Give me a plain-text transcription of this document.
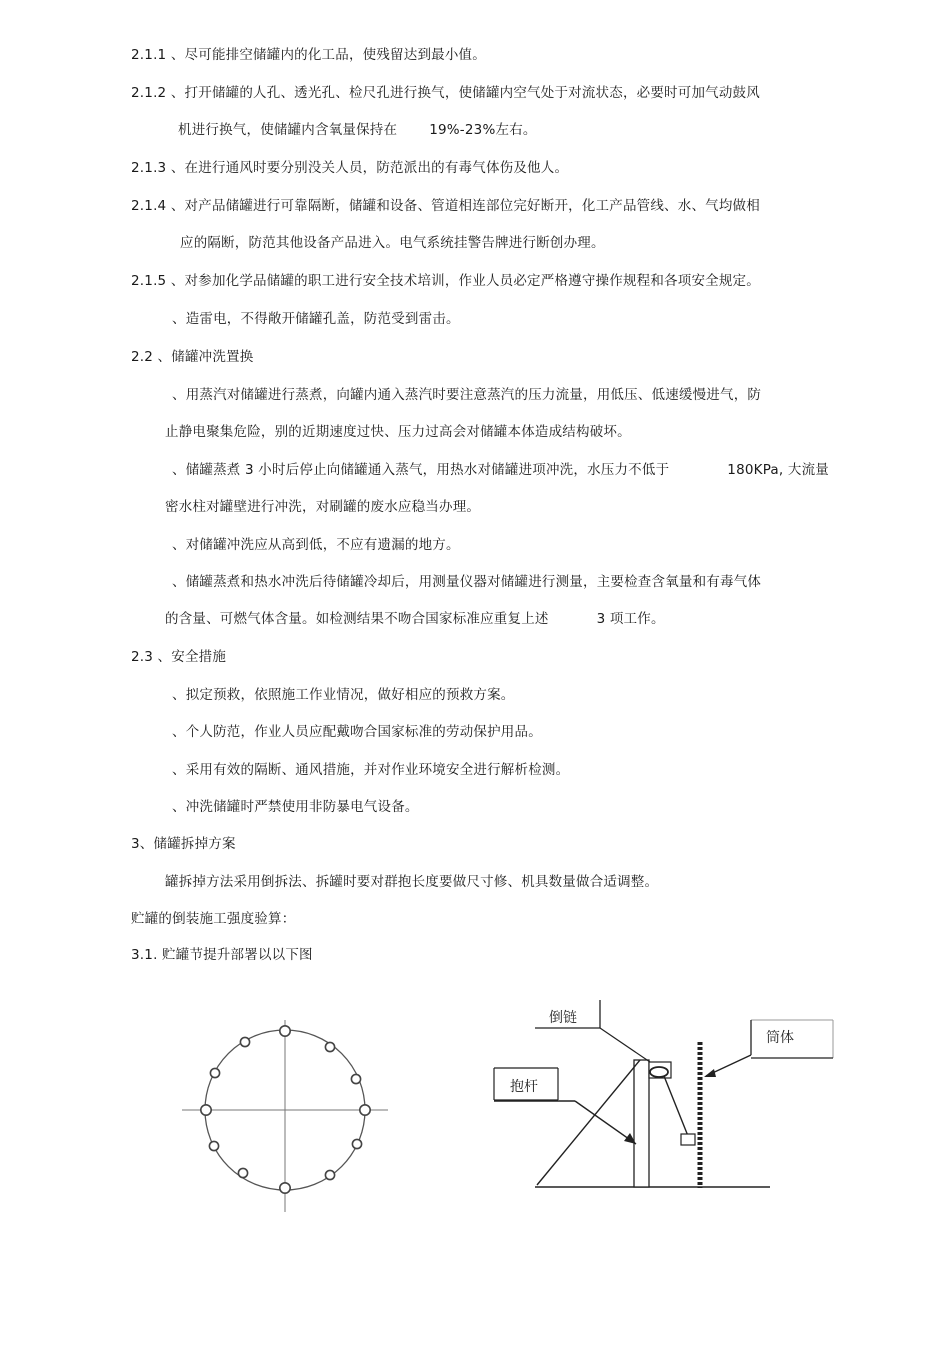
2.1.1 、尽可能排空储罐内的化工品，使残留达到最小值。
2.1.2 、打开储罐的人孔、透光孔、检尺孔进行换气，使储罐内空气处于对流状态，必要时可加气动鼓风
机进行换气，使储罐内含氧量保持在 19%-23%左右。
2.1.3 、在进行通风时要分别没关人员，防范派出的有毒气体伤及他人。
2.1.4 、对产品储罐进行可靠隔断，储罐和设备、管道相连部位完好断开，化工产品管线、水、气均做相
应的隔断，防范其他设备产品进入。电气系统挂警告牌进行断创办理。
2.1.5 、对参加化学品储罐的职工进行安全技术培训，作业人员必定严格遵守操作规程和各项安全规定。
、造雷电，不得敞开储罐孔盖，防范受到雷击。
2.2 、储罐冲洗置换
、用蒸汽对储罐进行蒸煮，向罐内通入蒸汽时要注意蒸汽的压力流量，用低压、低速缓慢进气，防
止静电聚集危险，别的近期速度过快、压力过高会对储罐本体造成结构破坏。
、储罐蒸煮 3 小时后停止向储罐通入蒸气，用热水对储罐进项冲洗，水压力不低于	180KPa, 大流量
密水柱对罐壁进行冲洗，对刷罐的废水应稳当办理。
、对储罐冲洗应从高到低，不应有遗漏的地方。
、储罐蒸煮和热水冲洗后待储罐冷却后，用测量仪器对储罐进行测量，主要检查含氧量和有毒气体
的含量、可燃气体含量。如检测结果不吻合国家标准应重复上述	3 项工作。
2.3 、安全措施
、拟定预救，依照施工作业情况，做好相应的预救方案。
、个人防范，作业人员应配戴吻合国家标准的劳动保护用品。
、采用有效的隔断、通风措施，并对作业环境安全进行解析检测。
、冲洗储罐时严禁使用非防暴电气设备。
3、储罐拆掉方案
罐拆掉方法采用倒拆法、拆罐时要对群抱长度要做尺寸修、机具数量做合适调整。
贮罐的倒装施工强度验算：
3.1. 贮罐节提升部署以以下图
倒链
抱杆
筒体
